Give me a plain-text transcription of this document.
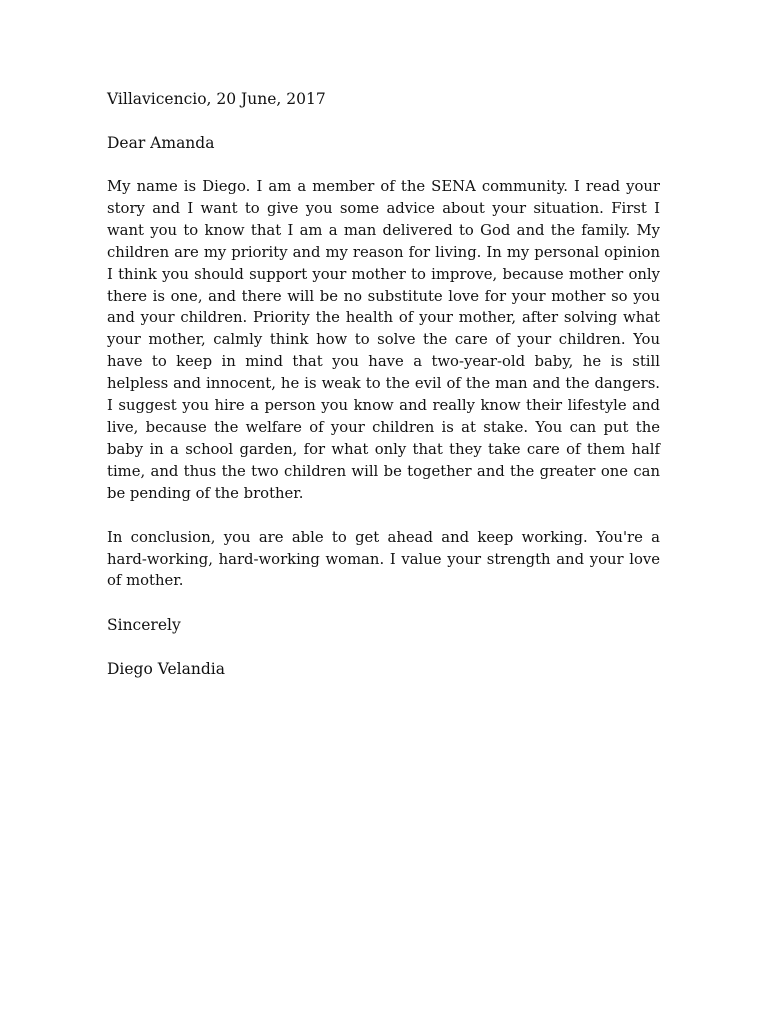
Villavicencio, 20 June, 2017

Dear Amanda

My name is Diego. I am a member of the SENA community. I read your story and I want to give you some advice about your situation. First I want you to know that I am a man delivered to God and the family. My children are my priority and my reason for living. In my personal opinion I think you should support your mother to improve, because mother only there is one, and there will be no substitute love for your mother so you and your children. Priority the health of your mother, after solving what your mother, calmly think how to solve the care of your children. You have to keep in mind that you have a two-year-old baby, he is still helpless and innocent, he is weak to the evil of the man and the dangers. I suggest you hire a person you know and really know their lifestyle and live, because the welfare of your children is at stake. You can put the baby in a school garden, for what only that they take care of them half time, and thus the two children will be together and the greater one can be pending of the brother.

In conclusion, you are able to get ahead and keep working. You're a hard-working, hard-working woman. I value your strength and your love of mother.

Sincerely

Diego Velandia
